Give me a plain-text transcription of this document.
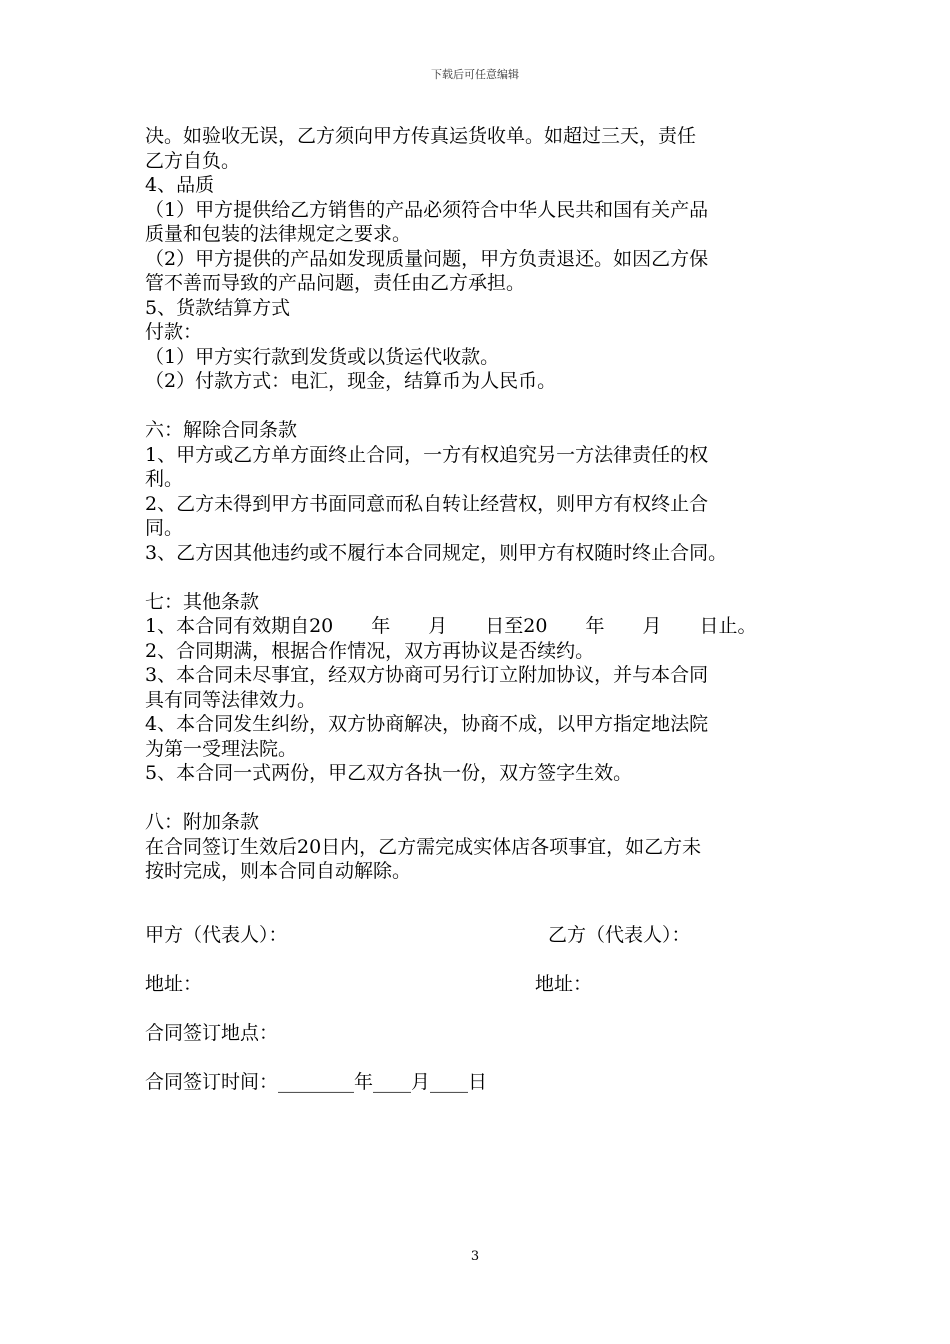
下载后可任意编辑

决。如验收无误，乙方须向甲方传真运货收单。如超过三天，责任

乙方自负。

4、品质

（1）甲方提供给乙方销售的产品必须符合中华人民共和国有关产品

质量和包装的法律规定之要求。

（2）甲方提供的产品如发现质量问题，甲方负责退还。如因乙方保

管不善而导致的产品问题，责任由乙方承担。

5、货款结算方式

付款：

（1）甲方实行款到发货或以货运代收款。

（2）付款方式：电汇，现金，结算币为人民币。

六：解除合同条款

1、甲方或乙方单方面终止合同，一方有权追究另一方法律责任的权

利。

2、乙方未得到甲方书面同意而私自转让经营权，则甲方有权终止合

同。

3、乙方因其他违约或不履行本合同规定，则甲方有权随时终止合同。

七：其他条款

1、本合同有效期自20　　年　　月　　日至20　　年　　月　　日止。

2、合同期满，根据合作情况，双方再协议是否续约。

3、本合同未尽事宜，经双方协商可另行订立附加协议，并与本合同

具有同等法律效力。

4、本合同发生纠纷，双方协商解决，协商不成，以甲方指定地法院

为第一受理法院。

5、本合同一式两份，甲乙双方各执一份，双方签字生效。

八：附加条款

在合同签订生效后20日内，乙方需完成实体店各项事宜，如乙方未

按时完成，则本合同自动解除。

甲方（代表人）：	乙方（代表人）：
地址：	地址：
合同签订地点：
合同签订时间：________年____月____日
3
